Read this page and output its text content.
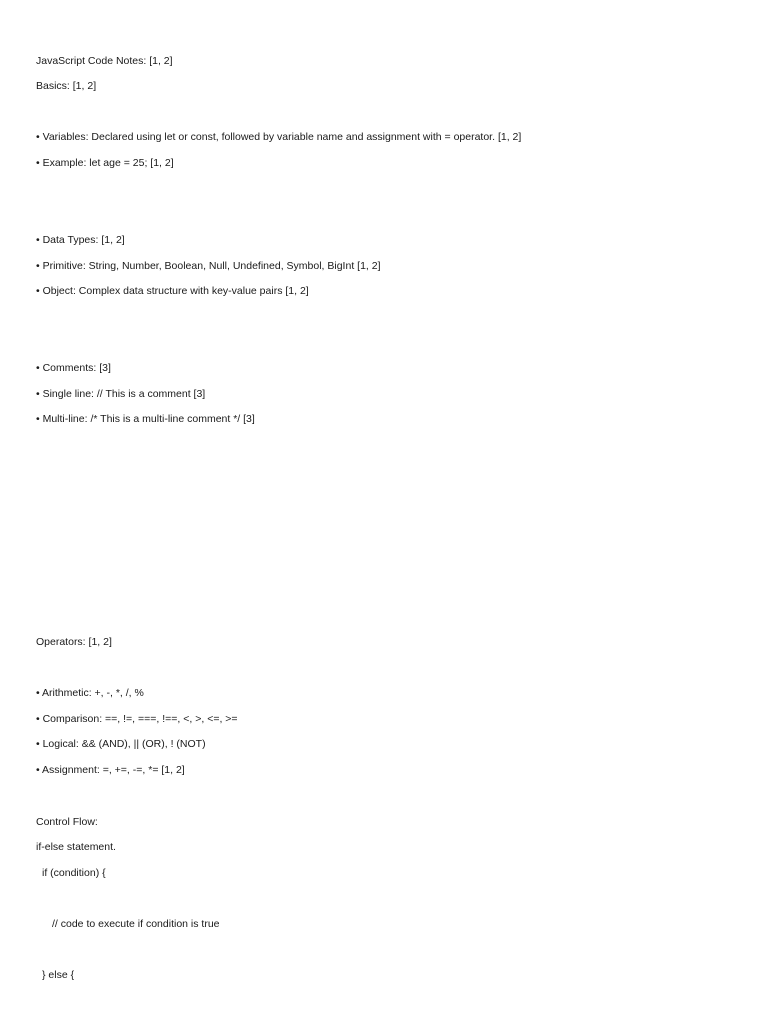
JavaScript Code Notes: [1, 2]
Basics: [1, 2]
• Variables: Declared using let or const, followed by variable name and assignment with = operator. [1, 2]
• Example: let age = 25; [1, 2]
• Data Types: [1, 2]
• Primitive: String, Number, Boolean, Null, Undefined, Symbol, BigInt [1, 2]
• Object: Complex data structure with key-value pairs [1, 2]
• Comments: [3]
• Single line: // This is a comment [3]
• Multi-line: /* This is a multi-line comment */ [3]
Operators: [1, 2]
• Arithmetic: +, -, *, /, %
• Comparison: ==, !=, ===, !==, <, >, <=, >=
• Logical: && (AND), || (OR), ! (NOT)
• Assignment: =, +=, -=, *= [1, 2]
Control Flow:
if-else statement.
if (condition) {
// code to execute if condition is true
} else {
